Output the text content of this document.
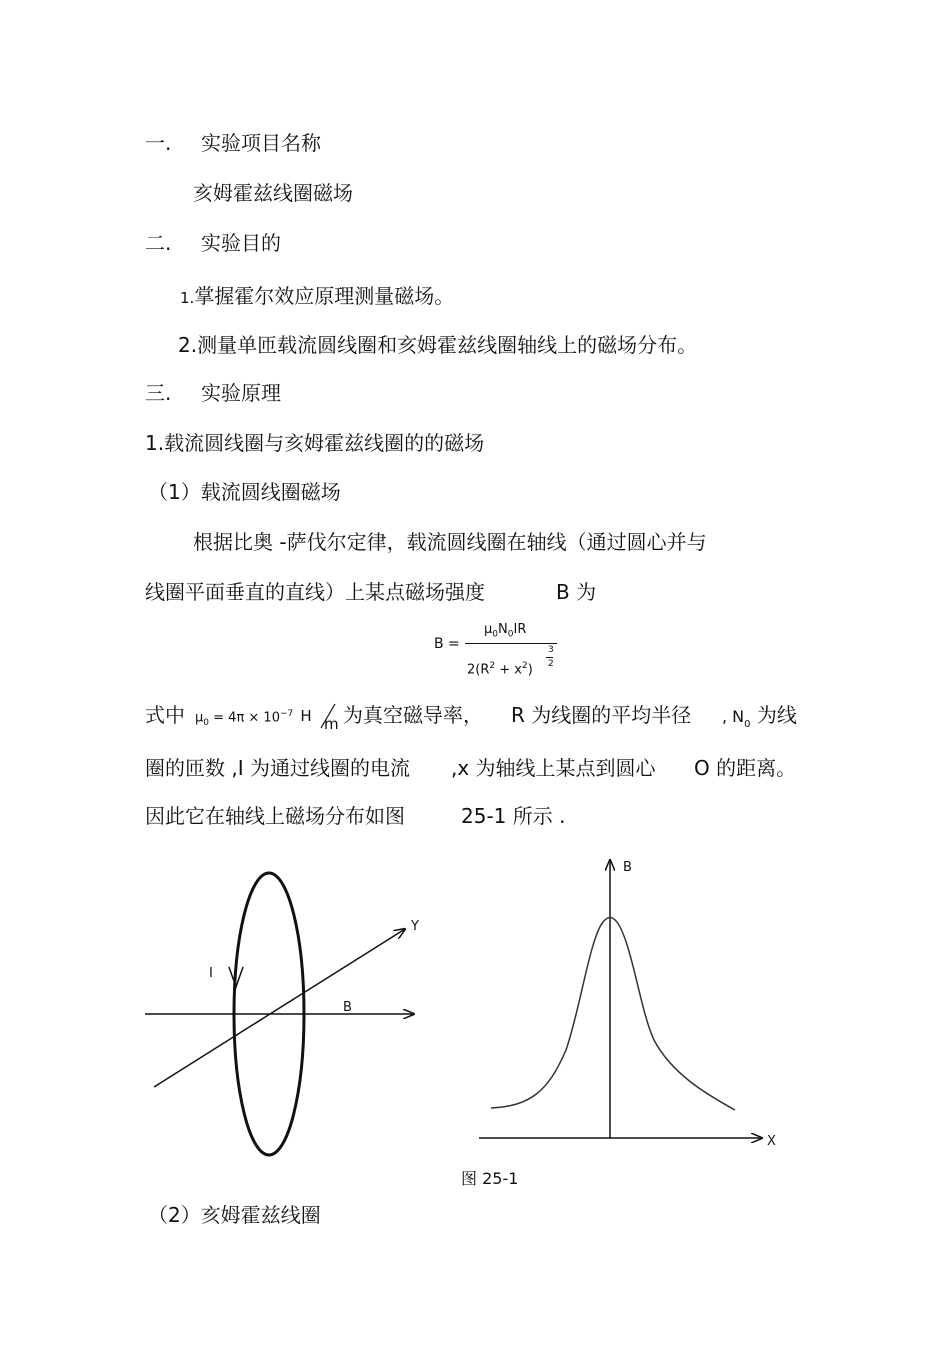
一. 实验项目名称
亥姆霍兹线圈磁场
二. 实验目的
1.掌握霍尔效应原理测量磁场。
2.测量单匝载流圆线圈和亥姆霍兹线圈轴线上的磁场分布。
三. 实验原理
1.载流圆线圈与亥姆霍兹线圈的的磁场
（1）载流圆线圈磁场
根据比奥 -萨伐尔定律，载流圆线圈在轴线（通过圆心并与
线圈平面垂直的直线）上某点磁场强度	B 为
B =
$\mu_0N_0IR$
$2(R^2 + x^2)$
3
2
式中 $\mu_0 = 4\pi \times 10^{-7}$ H m 为真空磁导率， R 为线圈的平均半径 , $N_0$ 为线
圈的匝数 ,I 为通过线圈的电流 ,x 为轴线上某点到圆心 O 的距离。
因此它在轴线上磁场分布如图	25-1 所示 .
I
Y
B
B
X
图 25-1
（2）亥姆霍兹线圈
